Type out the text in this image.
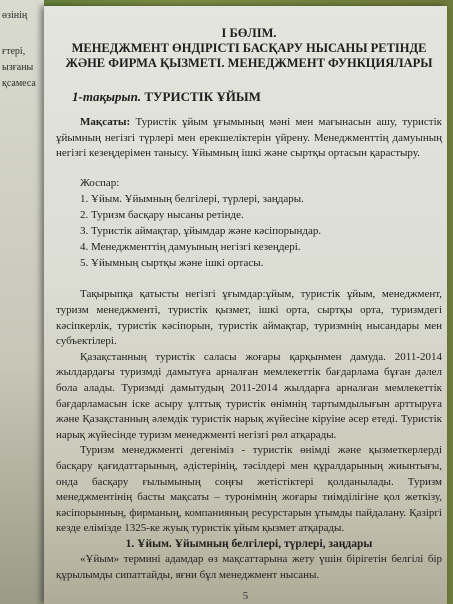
өзінің
ғтері,
ызғаны
қсамеса
І БӨЛІМ.
МЕНЕДЖМЕНТ ӨНДІРІСТІ БАСҚАРУ НЫСАНЫ РЕТІНДЕ
ЖӘНЕ ФИРМА ҚЫЗМЕТІ. МЕНЕДЖМЕНТ ФУНКЦИЯЛАРЫ
1-тақырып. ТУРИСТІК ҰЙЫМ

Мақсаты: Туристік ұйым ұғымының мәні мен мағынасын ашу, туристік ұйымның негізгі түрлері мен ерекшеліктерін үйрену. Менеджменттің дамуының негізгі кезеңдерімен танысу. Ұйымның ішкі және сыртқы ортасын қарастыру.

Жоспар:
1. Ұйым. Ұйымның белгілері, түрлері, заңдары.
2. Туризм басқару нысаны ретінде.
3. Туристік аймақтар, ұйымдар және кәсіпорындар.
4. Менеджменттің дамуының негізгі кезеңдері.
5. Ұйымның сыртқы және ішкі ортасы.

Тақырыпқа қатысты негізгі ұғымдар:ұйым, туристік ұйым, менеджмент, туризм менеджменті, туристік қызмет, ішкі орта, сыртқы орта, туризмдегі кәсіпкерлік, туристік кәсіпорын, туристік аймақтар, туризмнің нысандары мен субъектілері.

Қазақстанның туристік саласы жоғары қарқынмен дамуда. 2011-2014 жылдардағы туризмді дамытуға арналған мемлекеттік бағдарлама бұған дәлел бола алады. Туризмді дамытудың 2011-2014 жылдарға арналған мемлекеттік бағдарламасын іске асыру ұлттық туристік өнімнің тартымдылығын арттыруға және Қазақстанның әлемдік туристік нарық жүйесіне кіруіне әсер етеді. Туристік нарық жүйесінде туризм менеджменті негізгі рөл атқарады.

Туризм менеджменті дегеніміз - туристік өнімді және қызметкерлерді басқару қағидаттарының, әдістерінің, тәсілдері мен құралдарының жиынтығы, онда басқару ғылымының соңғы жетістіктері қолданылады. Туризм менеджментінің басты мақсаты – туронімнің жоғары тиімділігіне қол жеткізу, кәсіпорынның, фирманың, компанияның ресурстарын ұтымды пайдалану. Қазіргі кезде елімізде 1325-ке жуық туристік ұйым қызмет атқарады.

1. Ұйым. Ұйымның белгілері, түрлері, заңдары

«Ұйым» термині адамдар өз мақсаттарына жету үшін бірігетін белгілі бір құрылымды сипаттайды, яғни бұл менеджмент нысаны.

5
